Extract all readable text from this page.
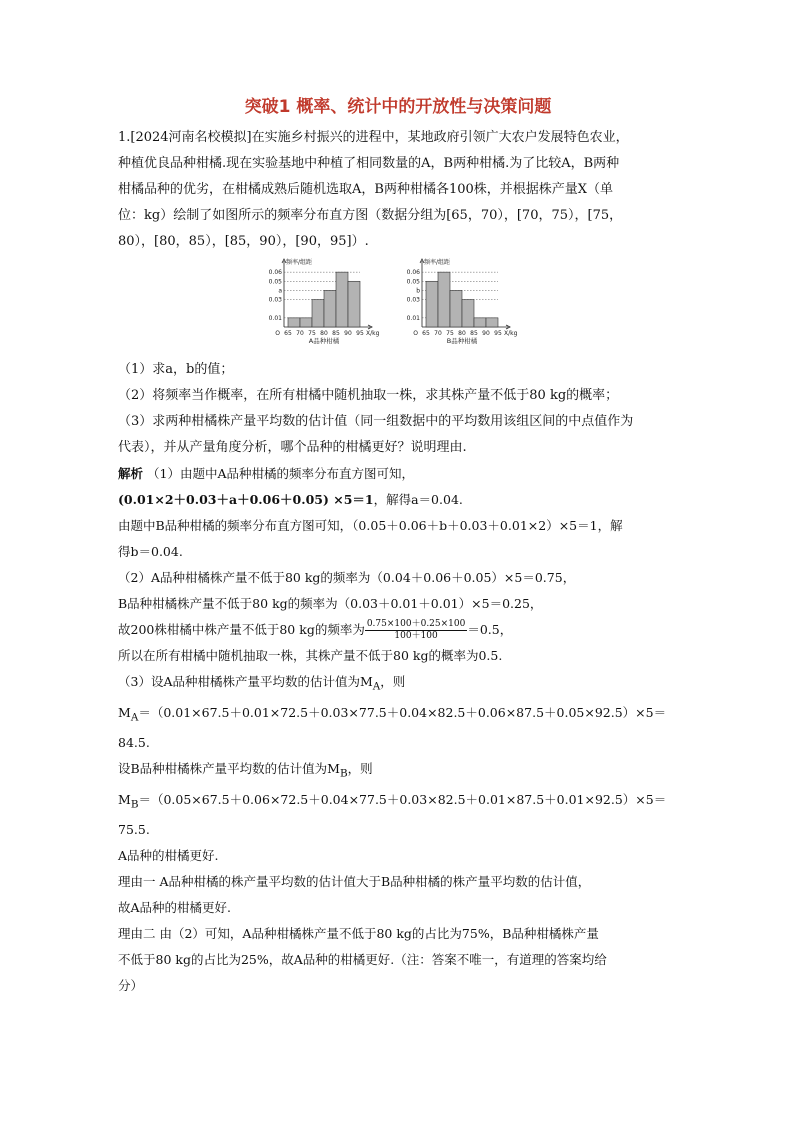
突破1 概率、统计中的开放性与决策问题

1.[2024河南名校模拟]在实施乡村振兴的进程中，某地政府引领广大农户发展特色农业，

种植优良品种柑橘.现在实验基地中种植了相同数量的A，B两种柑橘.为了比较A，B两种

柑橘品种的优劣，在柑橘成熟后随机选取A，B两种柑橘各100株，并根据株产量X（单

位：kg）绘制了如图所示的频率分布直方图（数据分组为[65，70），[70，75），[75，

80），[80，85），[85，90），[90，95]）.

0.06
0.05
a
0.03
0.01
65 70 75 80 85 90 95
O	X/kg
频率/组距
A品种柑橘
0.06
0.05
b
0.03
0.01
65 70 75 80 85 90 95
O	X/kg
频率/组距
B品种柑橘

（1）求a，b的值；

（2）将频率当作概率，在所有柑橘中随机抽取一株，求其株产量不低于80 kg的概率；

（3）求两种柑橘株产量平均数的估计值（同一组数据中的平均数用该组区间的中点值作为

代表），并从产量角度分析，哪个品种的柑橘更好？说明理由.

解析 （1）由题中A品种柑橘的频率分布直方图可知，

(0.01×2＋0.03＋a＋0.06＋0.05) ×5＝1，解得a＝0.04.

由题中B品种柑橘的频率分布直方图可知，（0.05＋0.06＋b＋0.03＋0.01×2）×5＝1，解

得b＝0.04.

（2）A品种柑橘株产量不低于80 kg的频率为（0.04＋0.06＋0.05）×5＝0.75，

B品种柑橘株产量不低于80 kg的频率为（0.03＋0.01＋0.01）×5＝0.25，

故200株柑橘中株产量不低于80 kg的频率为 $\frac{0.75\times 100+0.25\times 100}{100+100} =0.5$，

所以在所有柑橘中随机抽取一株，其株产量不低于80 kg的概率为0.5.

（3）设A品种柑橘株产量平均数的估计值为$M_A$，则

$M_A=(0.01\times 67.5+0.01\times 72.5+0.03\times 77.5+0.04\times 82.5+0.06\times 87.5+0.05\times 92.5)\times 5=$

84.5.

设B品种柑橘株产量平均数的估计值为$M_B$，则

$M_B=(0.05\times 67.5+0.06\times 72.5+0.04\times 77.5+0.03\times 82.5+0.01\times 87.5+0.01\times 92.5)\times 5=$

75.5.

A品种的柑橘更好.

理由一 A品种柑橘的株产量平均数的估计值大于B品种柑橘的株产量平均数的估计值，

故A品种的柑橘更好.

理由二 由（2）可知，A品种柑橘株产量不低于80 kg的占比为75%，B品种柑橘株产量

不低于80 kg的占比为25%，故A品种的柑橘更好.（注：答案不唯一，有道理的答案均给

分）
